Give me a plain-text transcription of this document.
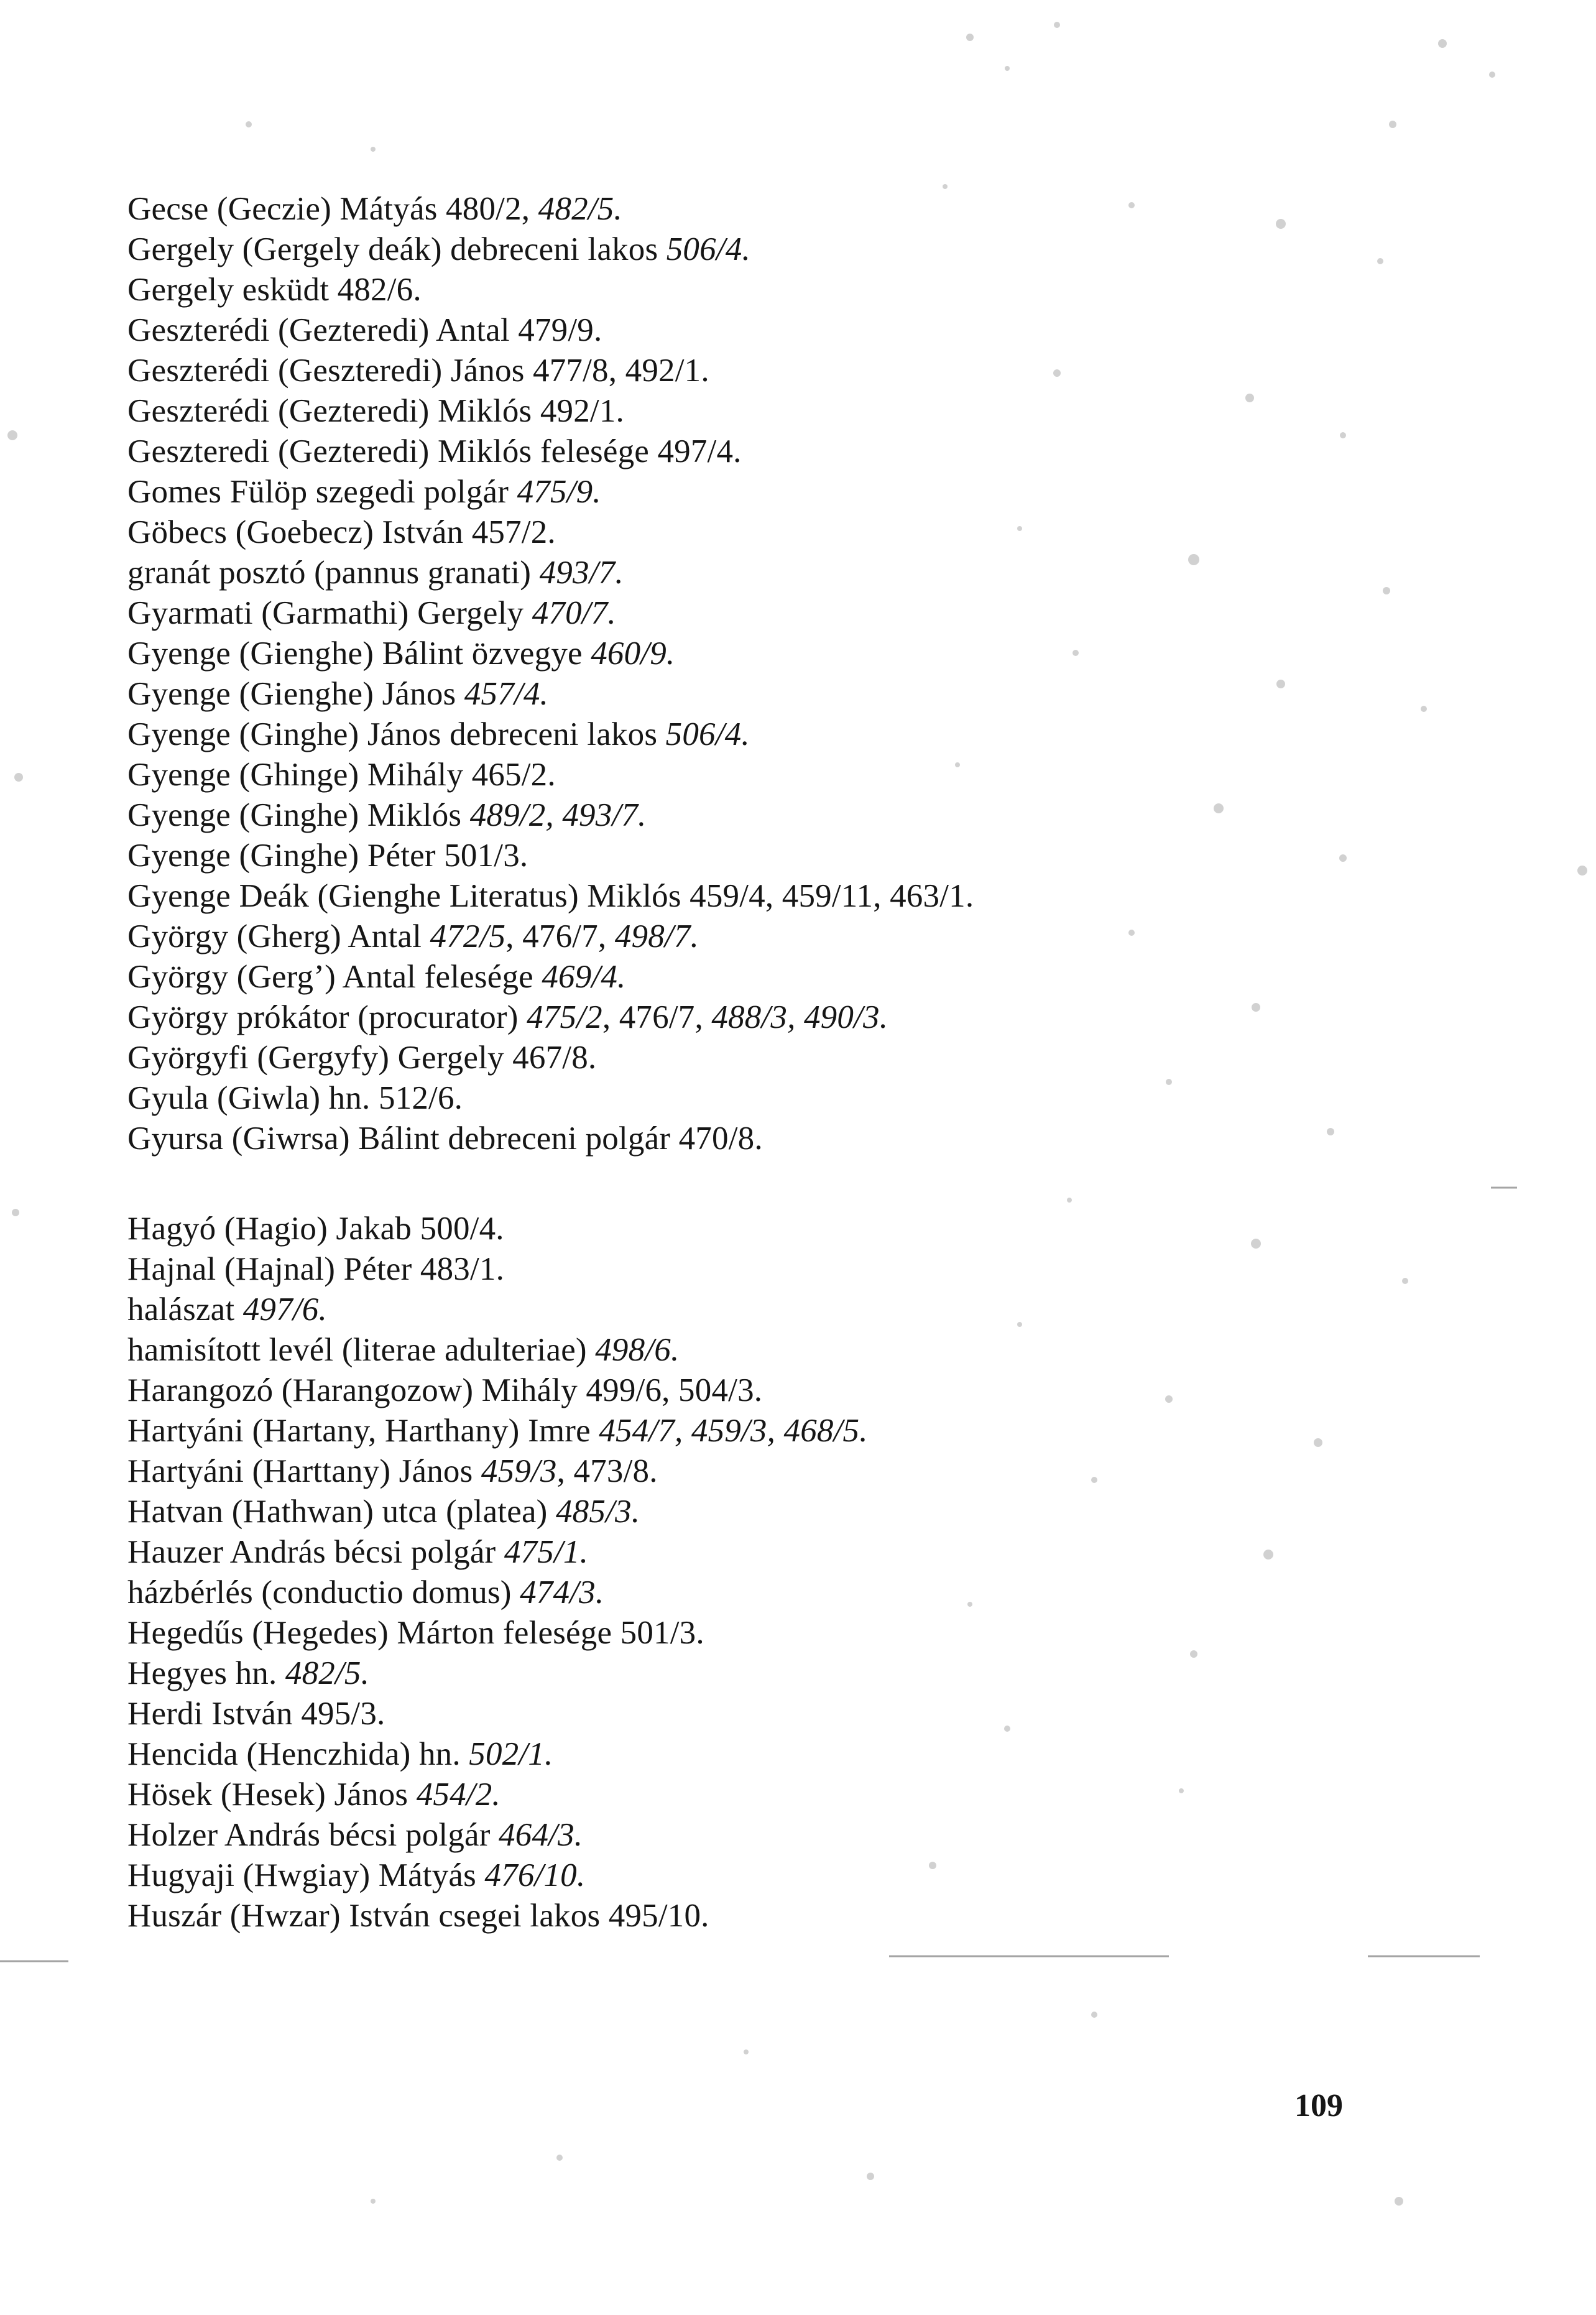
Gecse (Geczie) Mátyás 480/2, 482/5.
Gergely (Gergely deák) debreceni lakos 506/4.
Gergely esküdt 482/6.
Geszterédi (Gezteredi) Antal 479/9.
Geszterédi (Geszteredi) János 477/8, 492/1.
Geszterédi (Gezteredi) Miklós 492/1.
Geszteredi (Gezteredi) Miklós felesége 497/4.
Gomes Fülöp szegedi polgár 475/9.
Göbecs (Goebecz) István 457/2.
granát posztó (pannus granati) 493/7.
Gyarmati (Garmathi) Gergely 470/7.
Gyenge (Gienghe) Bálint özvegye 460/9.
Gyenge (Gienghe) János 457/4.
Gyenge (Ginghe) János debreceni lakos 506/4.
Gyenge (Ghinge) Mihály 465/2.
Gyenge (Ginghe) Miklós 489/2, 493/7.
Gyenge (Ginghe) Péter 501/3.
Gyenge Deák (Gienghe Literatus) Miklós 459/4, 459/11, 463/1.
György (Gherg) Antal 472/5, 476/7, 498/7.
György (Gerg’) Antal felesége 469/4.
György prókátor (procurator) 475/2, 476/7, 488/3, 490/3.
Györgyfi (Gergyfy) Gergely 467/8.
Gyula (Giwla) hn. 512/6.
Gyursa (Giwrsa) Bálint debreceni polgár 470/8.
Hagyó (Hagio) Jakab 500/4.
Hajnal (Hajnal) Péter 483/1.
halászat 497/6.
hamisított levél (literae adulteriae) 498/6.
Harangozó (Harangozow) Mihály 499/6, 504/3.
Hartyáni (Hartany, Harthany) Imre 454/7, 459/3, 468/5.
Hartyáni (Harttany) János 459/3, 473/8.
Hatvan (Hathwan) utca (platea) 485/3.
Hauzer András bécsi polgár 475/1.
házbérlés (conductio domus) 474/3.
Hegedűs (Hegedes) Márton felesége 501/3.
Hegyes hn. 482/5.
Herdi István 495/3.
Hencida (Henczhida) hn. 502/1.
Hösek (Hesek) János 454/2.
Holzer András bécsi polgár 464/3.
Hugyaji (Hwgiay) Mátyás 476/10.
Huszár (Hwzar) István csegei lakos 495/10.
109
